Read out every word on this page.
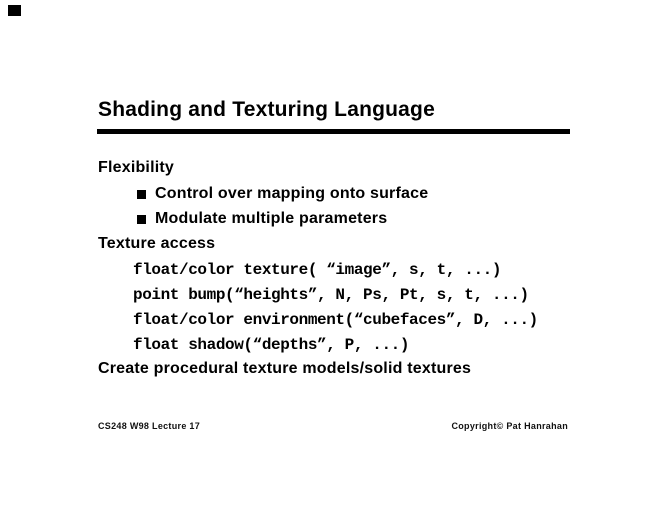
Shading and Texturing Language
Flexibility
Control over mapping onto surface
Modulate multiple parameters
Texture access
float/color texture( “image”, s, t, ...)
point bump(“heights”, N, Ps, Pt, s, t, ...)
float/color environment(“cubefaces”, D, ...)
float shadow(“depths”, P, ...)
Create procedural texture models/solid textures
CS248 W98 Lecture 17	Copyright© Pat Hanrahan
